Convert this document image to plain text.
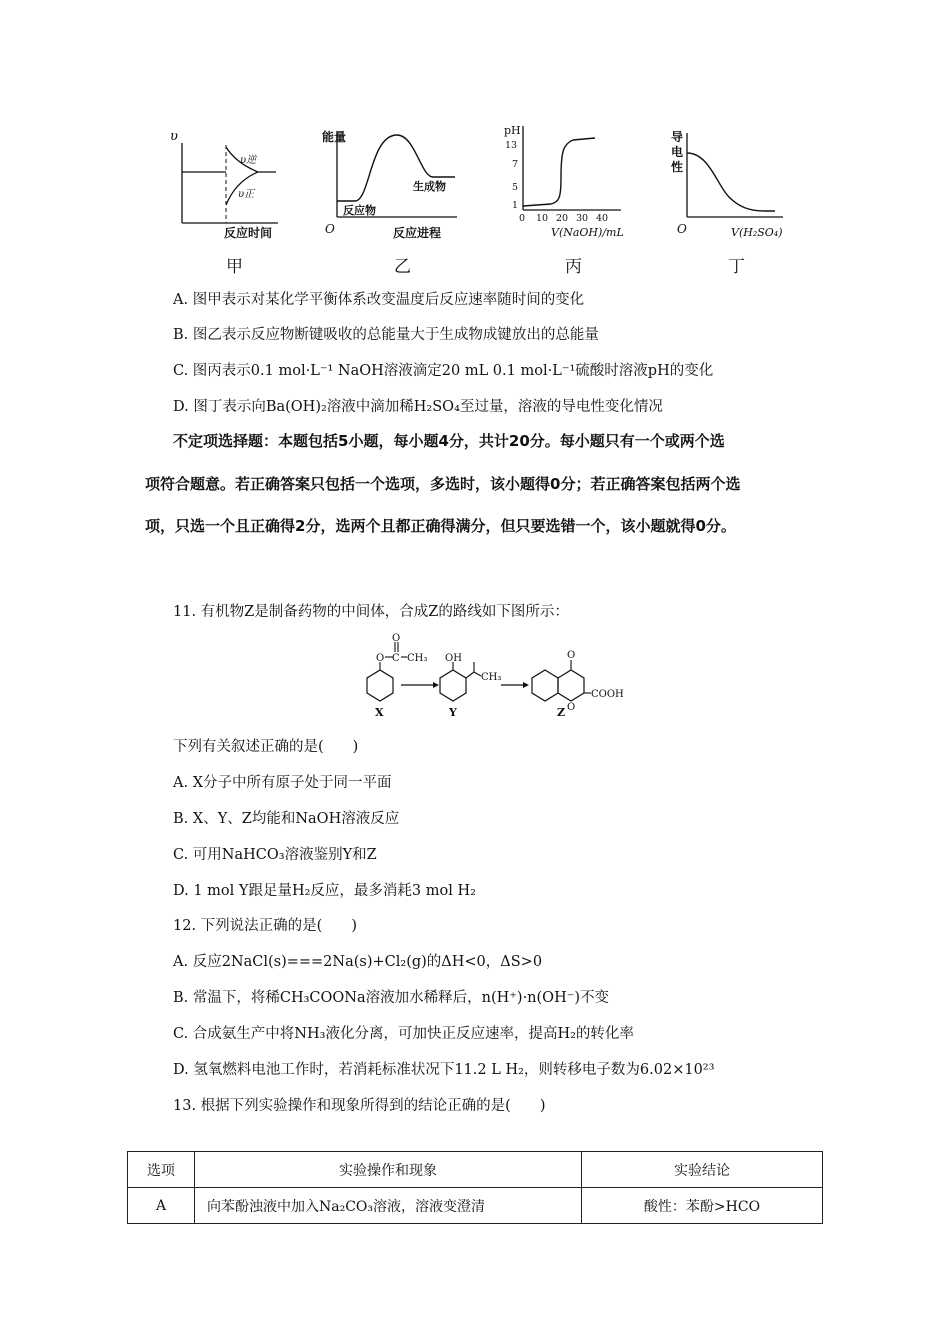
υ
υ逆
υ正
反应时间
甲
能量
反应物
生成物
O	反应进程
乙
pH
13
7
5
1
0 10 20 30 40
V(NaOH)/mL
丙
导
电
性
O	V(H₂SO₄)
丁
A. 图甲表示对某化学平衡体系改变温度后反应速率随时间的变化
B. 图乙表示反应物断键吸收的总能量大于生成物成键放出的总能量
C. 图丙表示0.1 mol·L⁻¹ NaOH溶液滴定20 mL 0.1 mol·L⁻¹硫酸时溶液pH的变化
D. 图丁表示向Ba(OH)₂溶液中滴加稀H₂SO₄至过量，溶液的导电性变化情况
不定项选择题：本题包括5小题，每小题4分，共计20分。每小题只有一个或两个选
项符合题意。若正确答案只包括一个选项，多选时，该小题得0分；若正确答案包括两个选
项，只选一个且正确得2分，选两个且都正确得满分，但只要选错一个，该小题就得0分。
11. 有机物Z是制备药物的中间体，合成Z的路线如下图所示：
O C
O
CH₃
X
OH
CH₃
Y
O
O
COOH
Z
下列有关叙述正确的是(　　)
A. X分子中所有原子处于同一平面
B. X、Y、Z均能和NaOH溶液反应
C. 可用NaHCO₃溶液鉴别Y和Z
D. 1 mol Y跟足量H₂反应，最多消耗3 mol H₂
12. 下列说法正确的是(　　)
A. 反应2NaCl(s)===2Na(s)+Cl₂(g)的ΔH<0，ΔS>0
B. 常温下，将稀CH₃COONa溶液加水稀释后，n(H⁺)·n(OH⁻)不变
C. 合成氨生产中将NH₃液化分离，可加快正反应速率，提高H₂的转化率
D. 氢氧燃料电池工作时，若消耗标准状况下11.2 L H₂，则转移电子数为6.02×10²³
13. 根据下列实验操作和现象所得到的结论正确的是(　　)
选项	实验操作和现象	实验结论
A	向苯酚浊液中加入Na₂CO₃溶液，溶液变澄清	酸性：苯酚>HCO
